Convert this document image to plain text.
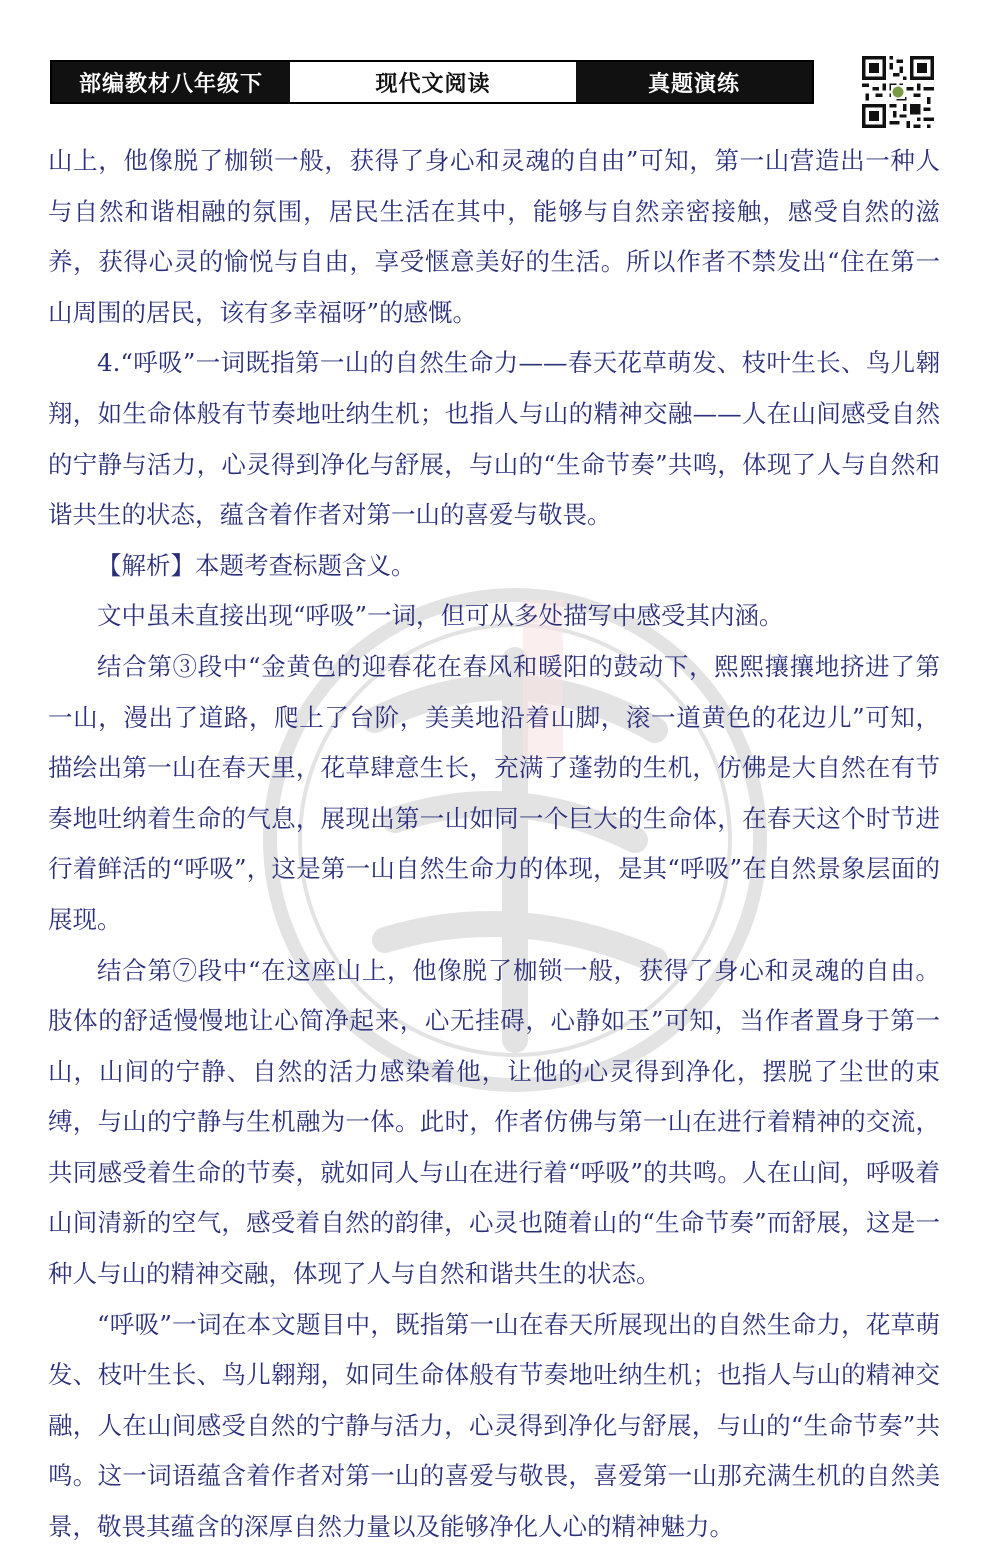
部编教材八年级下	现代文阅读	真题演练

山上，他像脱了枷锁一般，获得了身心和灵魂的自由”可知，第一山营造出一种人与自然和谐相融的氛围，居民生活在其中，能够与自然亲密接触，感受自然的滋养，获得心灵的愉悦与自由，享受惬意美好的生活。所以作者不禁发出“住在第一山周围的居民，该有多幸福呀”的感慨。

4.“呼吸”一词既指第一山的自然生命力——春天花草萌发、枝叶生长、鸟儿翱翔，如生命体般有节奏地吐纳生机；也指人与山的精神交融——人在山间感受自然的宁静与活力，心灵得到净化与舒展，与山的“生命节奏”共鸣，体现了人与自然和谐共生的状态，蕴含着作者对第一山的喜爱与敬畏。

【解析】本题考查标题含义。

文中虽未直接出现“呼吸”一词，但可从多处描写中感受其内涵。

结合第③段中“金黄色的迎春花在春风和暖阳的鼓动下，熙熙攘攘地挤进了第一山，漫出了道路，爬上了台阶，美美地沿着山脚，滚一道黄色的花边儿”可知，描绘出第一山在春天里，花草肆意生长，充满了蓬勃的生机，仿佛是大自然在有节奏地吐纳着生命的气息，展现出第一山如同一个巨大的生命体，在春天这个时节进行着鲜活的“呼吸”，这是第一山自然生命力的体现，是其“呼吸”在自然景象层面的展现。

结合第⑦段中“在这座山上，他像脱了枷锁一般，获得了身心和灵魂的自由。肢体的舒适慢慢地让心简净起来，心无挂碍，心静如玉”可知，当作者置身于第一山，山间的宁静、自然的活力感染着他，让他的心灵得到净化，摆脱了尘世的束缚，与山的宁静与生机融为一体。此时，作者仿佛与第一山在进行着精神的交流，共同感受着生命的节奏，就如同人与山在进行着“呼吸”的共鸣。人在山间，呼吸着山间清新的空气，感受着自然的韵律，心灵也随着山的“生命节奏”而舒展，这是一种人与山的精神交融，体现了人与自然和谐共生的状态。

“呼吸”一词在本文题目中，既指第一山在春天所展现出的自然生命力，花草萌发、枝叶生长、鸟儿翱翔，如同生命体般有节奏地吐纳生机；也指人与山的精神交融，人在山间感受自然的宁静与活力，心灵得到净化与舒展，与山的“生命节奏”共鸣。这一词语蕴含着作者对第一山的喜爱与敬畏，喜爱第一山那充满生机的自然美景，敬畏其蕴含的深厚自然力量以及能够净化人心的精神魅力。
